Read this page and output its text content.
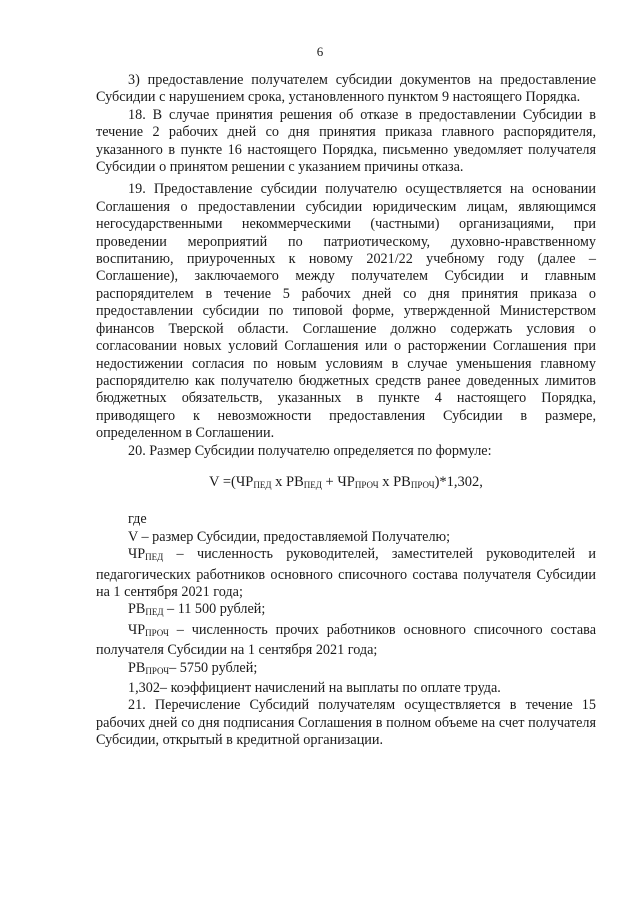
6

3) предоставление получателем субсидии документов на предоставление Субсидии с нарушением срока, установленного пунктом 9 настоящего Порядка.

18. В случае принятия решения об отказе в предоставлении Субсидии в течение 2 рабочих дней со дня принятия приказа главного распорядителя, указанного в пункте 16 настоящего Порядка, письменно уведомляет получателя Субсидии о принятом решении с указанием причины отказа.

19. Предоставление субсидии получателю осуществляется на основании Соглашения о предоставлении субсидии юридическим лицам, являющимся негосударственными некоммерческими (частными) организациями, при проведении мероприятий по патриотическому, духовно-нравственному воспитанию, приуроченных к новому 2021/22 учебному году (далее – Соглашение), заключаемого между получателем Субсидии и главным распорядителем в течение 5 рабочих дней со дня принятия приказа о предоставлении субсидии по типовой форме, утвержденной Министерством финансов Тверской области. Соглашение должно содержать условия о согласовании новых условий Соглашения или о расторжении Соглашения при недостижении согласия по новым условиям в случае уменьшения главному распорядителю как получателю бюджетных средств ранее доведенных лимитов бюджетных обязательств, указанных в пункте 4 настоящего Порядка, приводящего к невозможности предоставления Субсидии в размере, определенном в Соглашении.

20. Размер Субсидии получателю определяется по формуле:

$V =(ЧР_{ПЕД}$ x $РВ_{ПЕД} + ЧР_{ПРОЧ}$ x $РВ_{ПРОЧ})*1,302$,

где

V – размер Субсидии, предоставляемой Получателю;

$ЧР_{ПЕД}$ – численность руководителей, заместителей руководителей и педагогических работников основного списочного состава получателя Субсидии на 1 сентября 2021 года;

$РВ_{ПЕД} - 11$ 500 рублей;

$ЧР_{ПРОЧ}$ – численность прочих работников основного списочного состава получателя Субсидии на 1 сентября 2021 года;

$РВ_{ПРОЧ}-$ 5750 рублей;

1,302– коэффициент начислений на выплаты по оплате труда.

21. Перечисление Субсидий получателям осуществляется в течение 15 рабочих дней со дня подписания Соглашения в полном объеме на счет получателя Субсидии, открытый в кредитной организации.
